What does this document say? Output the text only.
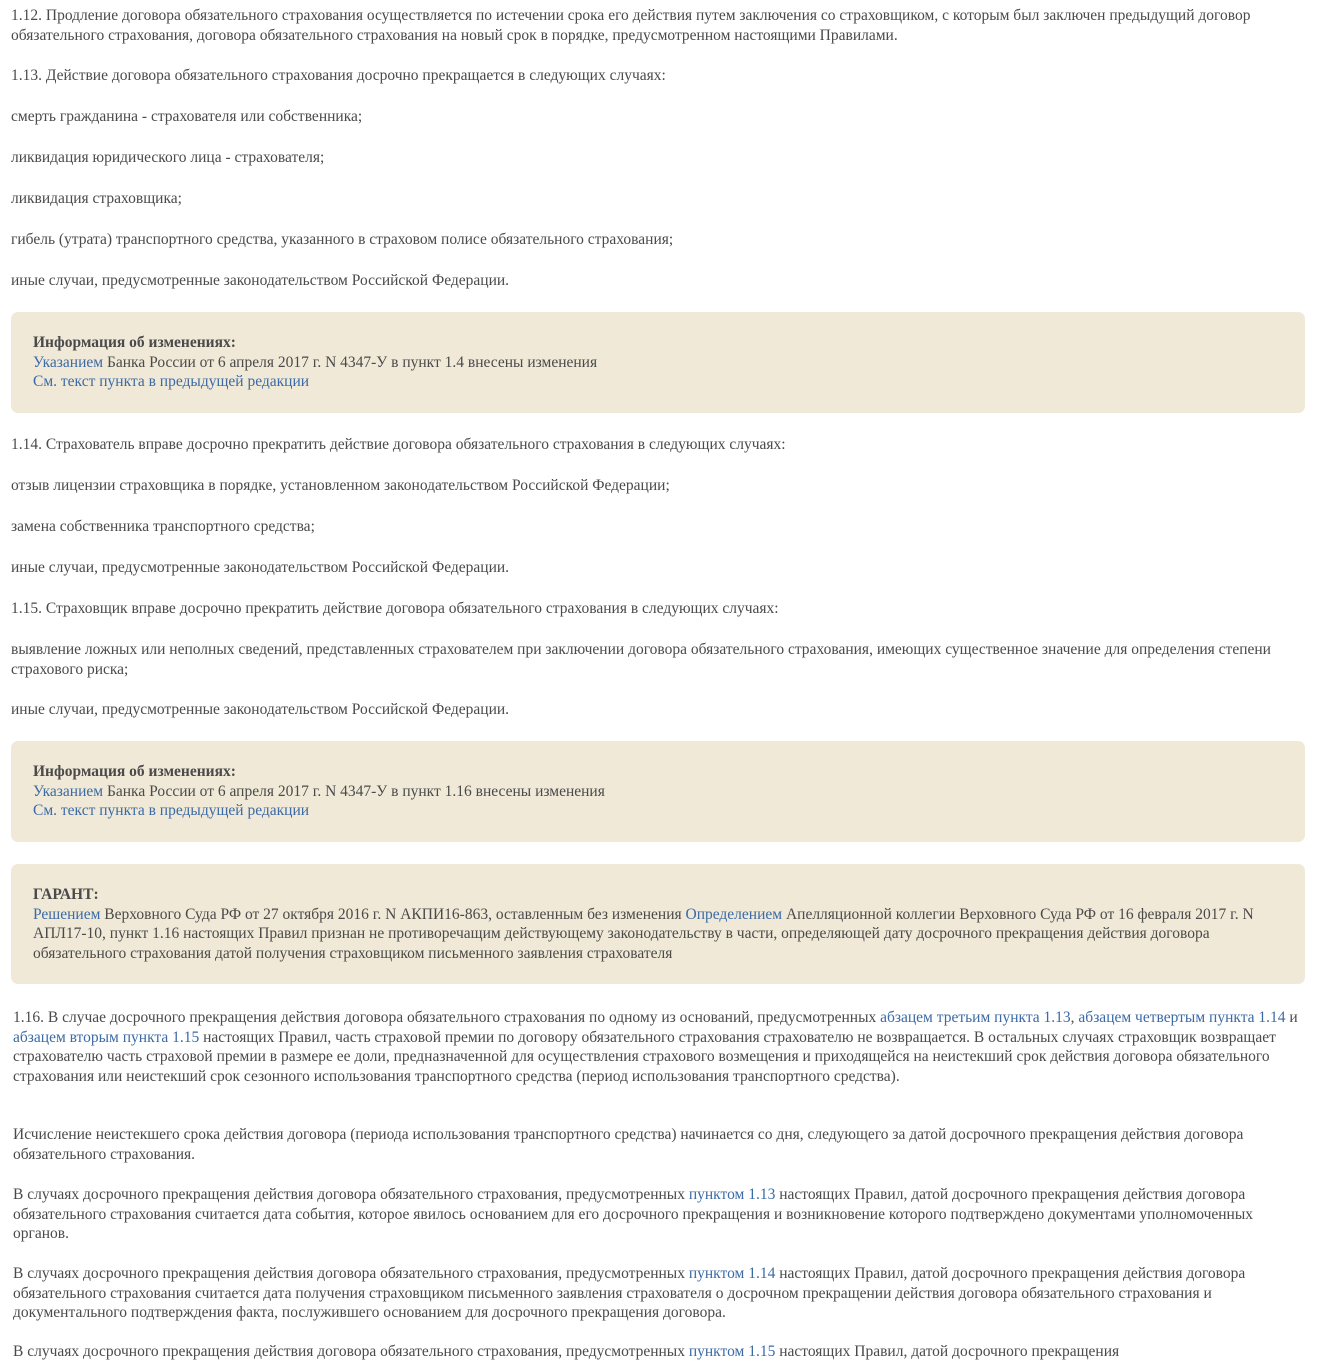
1.12. Продление договора обязательного страхования осуществляется по истечении срока его действия путем заключения со страховщиком, с которым был заключен предыдущий договор обязательного страхования, договора обязательного страхования на новый срок в порядке, предусмотренном настоящими Правилами.

1.13. Действие договора обязательного страхования досрочно прекращается в следующих случаях:

смерть гражданина - страхователя или собственника;

ликвидация юридического лица - страхователя;

ликвидация страховщика;

гибель (утрата) транспортного средства, указанного в страховом полисе обязательного страхования;

иные случаи, предусмотренные законодательством Российской Федерации.

Информация об изменениях:
Указанием Банка России от 6 апреля 2017 г. N 4347-У в пункт 1.4 внесены изменения
См. текст пункта в предыдущей редакции

1.14. Страхователь вправе досрочно прекратить действие договора обязательного страхования в следующих случаях:

отзыв лицензии страховщика в порядке, установленном законодательством Российской Федерации;

замена собственника транспортного средства;

иные случаи, предусмотренные законодательством Российской Федерации.

1.15. Страховщик вправе досрочно прекратить действие договора обязательного страхования в следующих случаях:

выявление ложных или неполных сведений, представленных страхователем при заключении договора обязательного страхования, имеющих существенное значение для определения степени страхового риска;

иные случаи, предусмотренные законодательством Российской Федерации.

Информация об изменениях:
Указанием Банка России от 6 апреля 2017 г. N 4347-У в пункт 1.16 внесены изменения
См. текст пункта в предыдущей редакции
ГАРАНТ:
Решением Верховного Суда РФ от 27 октября 2016 г. N АКПИ16-863, оставленным без изменения Определением Апелляционной коллегии Верховного Суда РФ от 16 февраля 2017 г. N АПЛ17-10, пункт 1.16 настоящих Правил признан не противоречащим действующему законодательству в части, определяющей дату досрочного прекращения действия договора обязательного страхования датой получения страховщиком письменного заявления страхователя

1.16. В случае досрочного прекращения действия договора обязательного страхования по одному из оснований, предусмотренных абзацем третьим пункта 1.13, абзацем четвертым пункта 1.14 и абзацем вторым пункта 1.15 настоящих Правил, часть страховой премии по договору обязательного страхования страхователю не возвращается. В остальных случаях страховщик возвращает страхователю часть страховой премии в размере ее доли, предназначенной для осуществления страхового возмещения и приходящейся на неистекший срок действия договора обязательного страхования или неистекший срок сезонного использования транспортного средства (период использования транспортного средства).

Исчисление неистекшего срока действия договора (периода использования транспортного средства) начинается со дня, следующего за датой досрочного прекращения действия договора обязательного страхования.

В случаях досрочного прекращения действия договора обязательного страхования, предусмотренных пунктом 1.13 настоящих Правил, датой досрочного прекращения действия договора обязательного страхования считается дата события, которое явилось основанием для его досрочного прекращения и возникновение которого подтверждено документами уполномоченных органов.

В случаях досрочного прекращения действия договора обязательного страхования, предусмотренных пунктом 1.14 настоящих Правил, датой досрочного прекращения действия договора обязательного страхования считается дата получения страховщиком письменного заявления страхователя о досрочном прекращении действия договора обязательного страхования и документального подтверждения факта, послужившего основанием для досрочного прекращения договора.

В случаях досрочного прекращения действия договора обязательного страхования, предусмотренных пунктом 1.15 настоящих Правил, датой досрочного прекращения
